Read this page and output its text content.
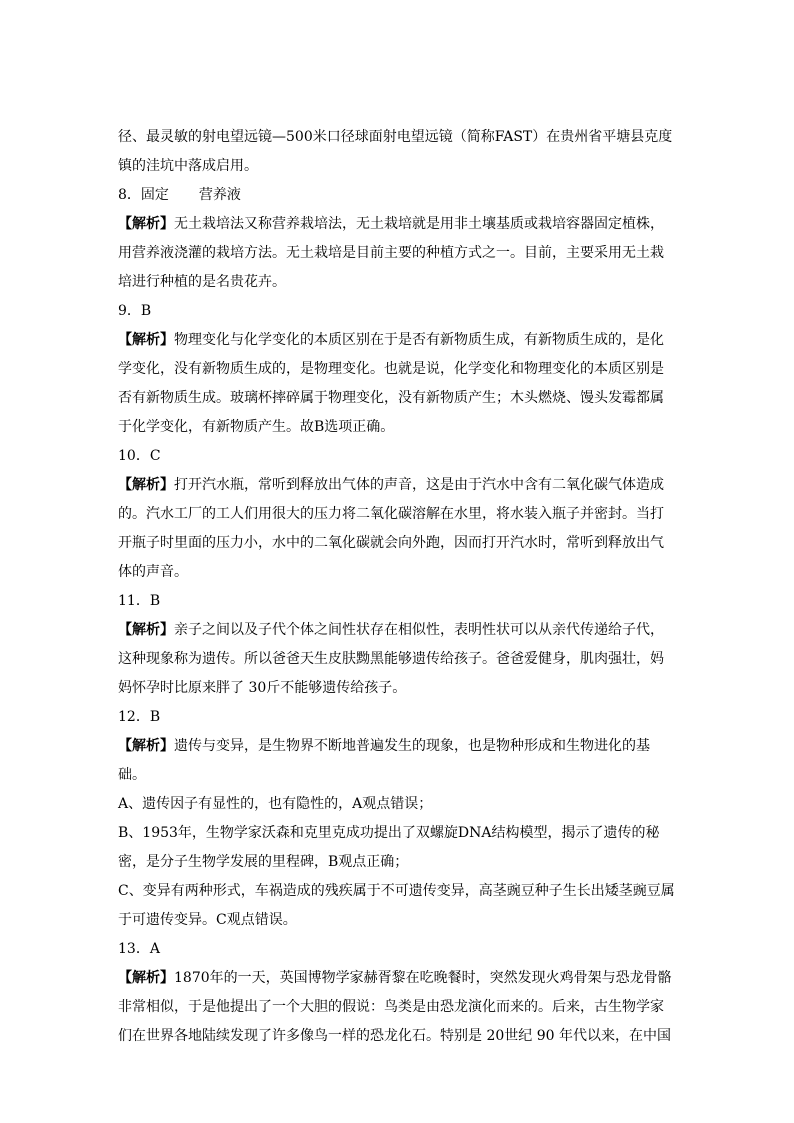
径、最灵敏的射电望远镜—500米口径球面射电望远镜（简称FAST）在贵州省平塘县克度
镇的洼坑中落成启用。
8．固定 营养液
【解析】无土栽培法又称营养栽培法，无土栽培就是用非土壤基质或栽培容器固定植株，
用营养液浇灌的栽培方法。无土栽培是目前主要的种植方式之一。目前，主要采用无土栽
培进行种植的是名贵花卉。
9．B
【解析】物理变化与化学变化的本质区别在于是否有新物质生成，有新物质生成的，是化
学变化，没有新物质生成的，是物理变化。也就是说，化学变化和物理变化的本质区别是
否有新物质生成。玻璃杯摔碎属于物理变化，没有新物质产生；木头燃烧、馒头发霉都属
于化学变化，有新物质产生。故B选项正确。
10．C
【解析】打开汽水瓶，常听到释放出气体的声音，这是由于汽水中含有二氧化碳气体造成
的。汽水工厂的工人们用很大的压力将二氧化碳溶解在水里，将水装入瓶子并密封。当打
开瓶子时里面的压力小，水中的二氧化碳就会向外跑，因而打开汽水时，常听到释放出气
体的声音。
11．B
【解析】亲子之间以及子代个体之间性状存在相似性，表明性状可以从亲代传递给子代，
这种现象称为遗传。所以爸爸天生皮肤黝黑能够遗传给孩子。爸爸爱健身，肌肉强壮，妈
妈怀孕时比原来胖了 30斤不能够遗传给孩子。
12．B
【解析】遗传与变异，是生物界不断地普遍发生的现象，也是物种形成和生物进化的基
础。
A、遗传因子有显性的，也有隐性的，A观点错误；
B、1953年，生物学家沃森和克里克成功提出了双螺旋DNA结构模型，揭示了遗传的秘
密，是分子生物学发展的里程碑，B观点正确；
C、变异有两种形式，车祸造成的残疾属于不可遗传变异，高茎豌豆种子生长出矮茎豌豆属
于可遗传变异。C观点错误。
13．A
【解析】1870年的一天，英国博物学家赫胥黎在吃晚餐时，突然发现火鸡骨架与恐龙骨骼
非常相似，于是他提出了一个大胆的假说：鸟类是由恐龙演化而来的。后来，古生物学家
们在世界各地陆续发现了许多像鸟一样的恐龙化石。特别是 20世纪 90 年代以来，在中国
